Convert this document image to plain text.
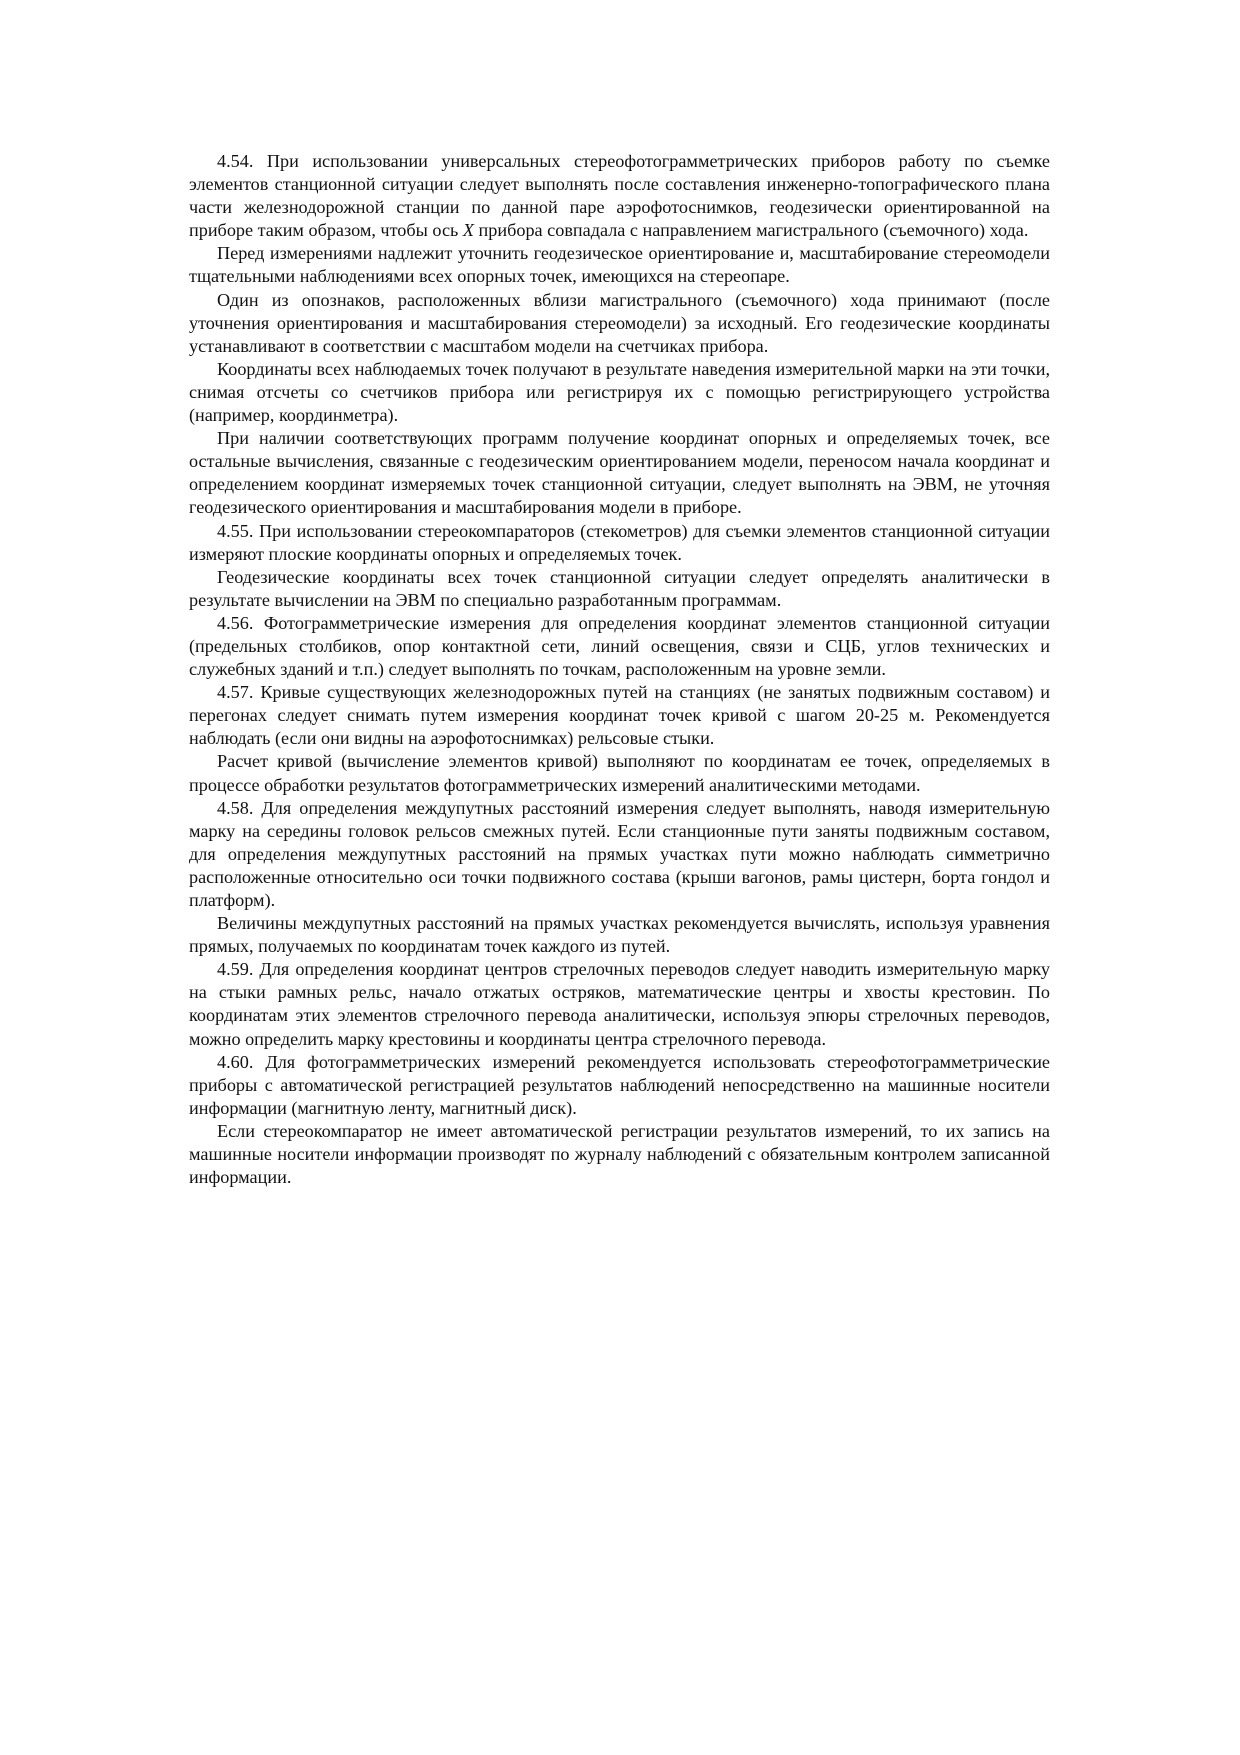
4.54. При использовании универсальных стереофотограмметрических приборов работу по съемке элементов станционной ситуации следует выполнять после составления инженерно-топографического плана части железнодорожной станции по данной паре аэрофотоснимков, геодезически ориентированной на приборе таким образом, чтобы ось X прибора совпадала с направлением магистрального (съемочного) хода.

Перед измерениями надлежит уточнить геодезическое ориентирование и, масштабирование стереомодели тщательными наблюдениями всех опорных точек, имеющихся на стереопаре.

Один из опознаков, расположенных вблизи магистрального (съемочного) хода принимают (после уточнения ориентирования и масштабирования стереомодели) за исходный. Его геодезические координаты устанавливают в соответствии с масштабом модели на счетчиках прибора.

Координаты всех наблюдаемых точек получают в результате наведения измерительной марки на эти точки, снимая отсчеты со счетчиков прибора или регистрируя их с помощью регистрирующего устройства (например, координметра).

При наличии соответствующих программ получение координат опорных и определяемых точек, все остальные вычисления, связанные с геодезическим ориентированием модели, переносом начала координат и определением координат измеряемых точек станционной ситуации, следует выполнять на ЭВМ, не уточняя геодезического ориентирования и масштабирования модели в приборе.

4.55. При использовании стереокомпараторов (стекометров) для съемки элементов станционной ситуации измеряют плоские координаты опорных и определяемых точек.

Геодезические координаты всех точек станционной ситуации следует определять аналитически в результате вычислении на ЭВМ по специально разработанным программам.

4.56. Фотограмметрические измерения для определения координат элементов станционной ситуации (предельных столбиков, опор контактной сети, линий освещения, связи и СЦБ, углов технических и служебных зданий и т.п.) следует выполнять по точкам, расположенным на уровне земли.

4.57. Кривые существующих железнодорожных путей на станциях (не занятых подвижным составом) и перегонах следует снимать путем измерения координат точек кривой с шагом 20-25 м. Рекомендуется наблюдать (если они видны на аэрофотоснимках) рельсовые стыки.

Расчет кривой (вычисление элементов кривой) выполняют по координатам ее точек, определяемых в процессе обработки результатов фотограмметрических измерений аналитическими методами.

4.58. Для определения междупутных расстояний измерения следует выполнять, наводя измерительную марку на середины головок рельсов смежных путей. Если станционные пути заняты подвижным составом, для определения междупутных расстояний на прямых участках пути можно наблюдать симметрично расположенные относительно оси точки подвижного состава (крыши вагонов, рамы цистерн, борта гондол и платформ).

Величины междупутных расстояний на прямых участках рекомендуется вычислять, используя уравнения прямых, получаемых по координатам точек каждого из путей.

4.59. Для определения координат центров стрелочных переводов следует наводить измерительную марку на стыки рамных рельс, начало отжатых остряков, математические центры и хвосты крестовин. По координатам этих элементов стрелочного перевода аналитически, используя эпюры стрелочных переводов, можно определить марку крестовины и координаты центра стрелочного перевода.

4.60. Для фотограмметрических измерений рекомендуется использовать стереофотограмметрические приборы с автоматической регистрацией результатов наблюдений непосредственно на машинные носители информации (магнитную ленту, магнитный диск).

Если стереокомпаратор не имеет автоматической регистрации результатов измерений, то их запись на машинные носители информации производят по журналу наблюдений с обязательным контролем записанной информации.
